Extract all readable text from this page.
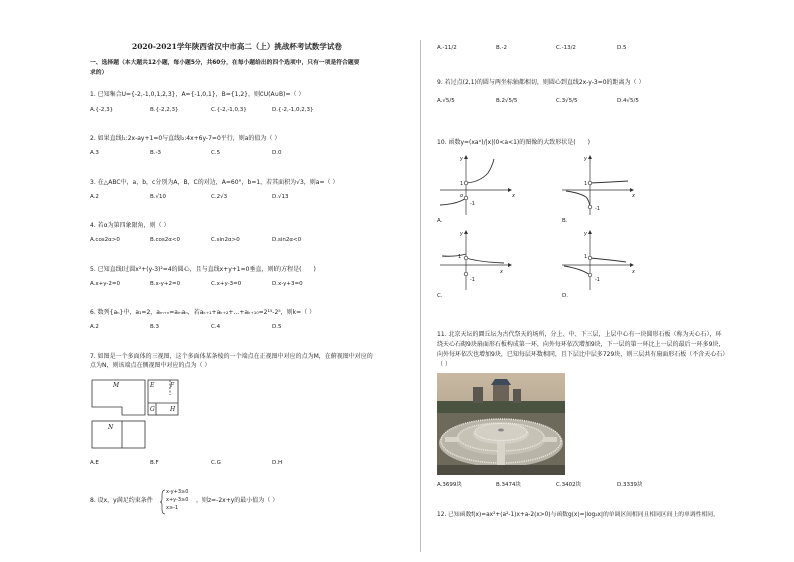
2020-2021学年陕西省汉中市高二（上）挑战杯考试数学试卷
一、选择题（本大题共12小题，每小题5分，共60分，在每小题给出的四个选项中，只有一项是符合题要
求的）
1. 已知集合U={-2,-1,0,1,2,3}，A={-1,0,1}，B={1,2}，则∁U(A∪B)=（ ）
A.{-2,3}	B.{-2,2,3}	C.{-2,-1,0,3}	D.{-2,-1,0,2,3}
2. 如果直线l₁:2x-ay+1=0与直线l₂:4x+6y-7=0平行，则a的值为（ ）
A.3	B.-3	C.5	D.0
3. 在△ABC中，a，b，c分别为A，B，C的对边，A=60°，b=1，若其面积为√3，则a=（ ）
A.2	B.√10	C.2√3	D.√13
4. 若α为第四象限角，则（ ）
A.cos2α>0	B.cos2α<0	C.sin2α>0	D.sin2α<0
5. 已知直线l过圆x²+(y-3)²=4的圆心，且与直线x+y+1=0垂直，则l的方程是(　　)
A.x+y-2=0	B.x-y+2=0	C.x+y-3=0	D.x-y+3=0
6. 数列{aₙ}中，a₁=2，aₘ₊ₙ=aₘaₙ，若aₖ₊₁+aₖ₊₂+…+aₖ₊₁₀=2¹⁵-2⁵，则k=（ ）
A.2	B.3	C.4	D.5
7. 如图是一个多面体的三视图，这个多面体某条棱的一个端点在正视图中对应的点为M，在俯视图中对应的
点为N，则该端点在侧视图中对应的点为（ ）
M	E	F
G	H
N
A.E	B.F	C.G	D.H
8. 设x，y满足约束条件
x-y+3≥0
x+y-3≥0
x≥-1
，则z=-2x+y的最小值为（ ）
A.-11/2	B.-2	C.-13/2	D.5
9. 若过点(2,1)的圆与两坐标轴都相切，则圆心到直线2x-y-3=0的距离为（ ）
A.√5/5	B.2√5/5	C.3√5/5	D.4√5/5
10. 函数y=(xaˣ)/|x|(0<a<1)的图像的大致形状是(　　)
y
x
1
-1
o
A.
y
x
1
-1
B.
y
x
1
-1
C.
y
x
1
-1
D.
11. 北京天坛的圜丘坛为古代祭天的场所，分上、中、下三层，上层中心有一块圆形石板（称为天心石），环
绕天心石砌9块扇面形石板构成第一环，向外每环依次增加9块，下一层的第一环比上一层的最后一环多9块，
向外每环依次也增加9块，已知每层环数相同，且下层比中层多729块，则三层共有扇面形石板（不含天心石）
（ ）
A.3699块	B.3474块	C.3402块	D.3339块
12. 已知函数f(x)=ax²+(a²-1)x+a-2(x>0)与函数g(x)=|log₂x|的单调区间相同且相同区间上的单调性相同，
